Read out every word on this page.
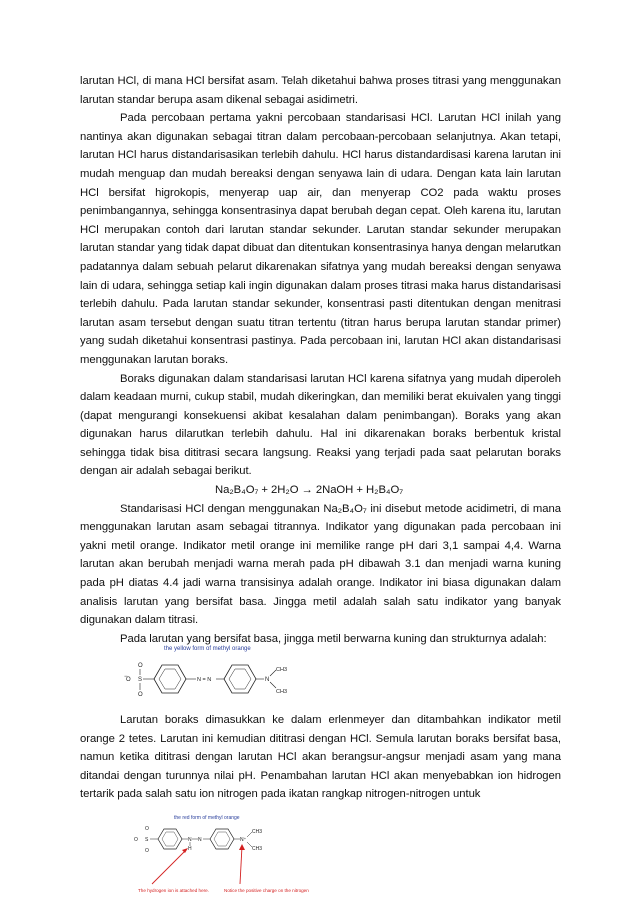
larutan HCl, di mana HCl bersifat asam. Telah diketahui bahwa proses titrasi yang menggunakan larutan standar berupa asam dikenal sebagai asidimetri.

Pada percobaan pertama yakni percobaan standarisasi HCl. Larutan HCl inilah yang nantinya akan digunakan sebagai titran dalam percobaan-percobaan selanjutnya. Akan tetapi, larutan HCl harus distandarisasikan terlebih dahulu. HCl harus distandardisasi karena larutan ini mudah menguap dan mudah bereaksi dengan senyawa lain di udara. Dengan kata lain larutan HCl bersifat higrokopis, menyerap uap air, dan menyerap CO2 pada waktu proses penimbangannya, sehingga konsentrasinya dapat berubah degan cepat. Oleh karena itu, larutan HCl merupakan contoh dari larutan standar sekunder. Larutan standar sekunder merupakan larutan standar yang tidak dapat dibuat dan ditentukan konsentrasinya hanya dengan melarutkan padatannya dalam sebuah pelarut dikarenakan sifatnya yang mudah bereaksi dengan senyawa lain di udara, sehingga setiap kali ingin digunakan dalam proses titrasi maka harus distandarisasi terlebih dahulu. Pada larutan standar sekunder, konsentrasi pasti ditentukan dengan menitrasi larutan asam tersebut dengan suatu titran tertentu (titran harus berupa larutan standar primer) yang sudah diketahui konsentrasi pastinya. Pada percobaan ini, larutan HCl akan distandarisasi menggunakan larutan boraks.

Boraks digunakan dalam standarisasi larutan HCl karena sifatnya yang mudah diperoleh dalam keadaan murni, cukup stabil, mudah dikeringkan, dan memiliki berat ekuivalen yang tinggi (dapat mengurangi konsekuensi akibat kesalahan dalam penimbangan). Boraks yang akan digunakan harus dilarutkan terlebih dahulu. Hal ini dikarenakan boraks berbentuk kristal sehingga tidak bisa dititrasi secara langsung. Reaksi yang terjadi pada saat pelarutan boraks dengan air adalah sebagai berikut.

Na₂B₄O₇ + 2H₂O → 2NaOH + H₂B₄O₇

Standarisasi HCl dengan menggunakan Na₂B₄O₇ ini disebut metode acidimetri, di mana menggunakan larutan asam sebagai titrannya. Indikator yang digunakan pada percobaan ini yakni metil orange. Indikator metil orange ini memilike range pH dari 3,1 sampai 4,4. Warna larutan akan berubah menjadi warna merah pada pH dibawah 3.1 dan menjadi warna kuning pada pH diatas 4.4 jadi warna transisinya adalah orange. Indikator ini biasa digunakan dalam analisis larutan yang bersifat basa. Jingga metil adalah salah satu indikator yang banyak digunakan dalam titrasi.

Pada larutan yang bersifat basa, jingga metil berwarna kuning dan strukturnya adalah:

the yellow form of methyl orange
O
O
− S
O
N = N	N
CH3
CH3

Larutan boraks dimasukkan ke dalam erlenmeyer dan ditambahkan indikator metil orange 2 tetes. Larutan ini kemudian dititrasi dengan HCl. Semula larutan boraks bersifat basa, namun ketika dititrasi dengan larutan HCl akan berangsur-angsur menjadi asam yang mana ditandai dengan turunnya nilai pH. Penambahan larutan HCl akan menyebabkan ion hidrogen tertarik pada salah satu ion nitrogen pada ikatan rangkap nitrogen-nitrogen untuk

the red form of methyl orange
O
O S
O
N N
H
N⁺
CH3
CH3
The hydrogen ion is attached here.	Notice the positive charge on the nitrogen
